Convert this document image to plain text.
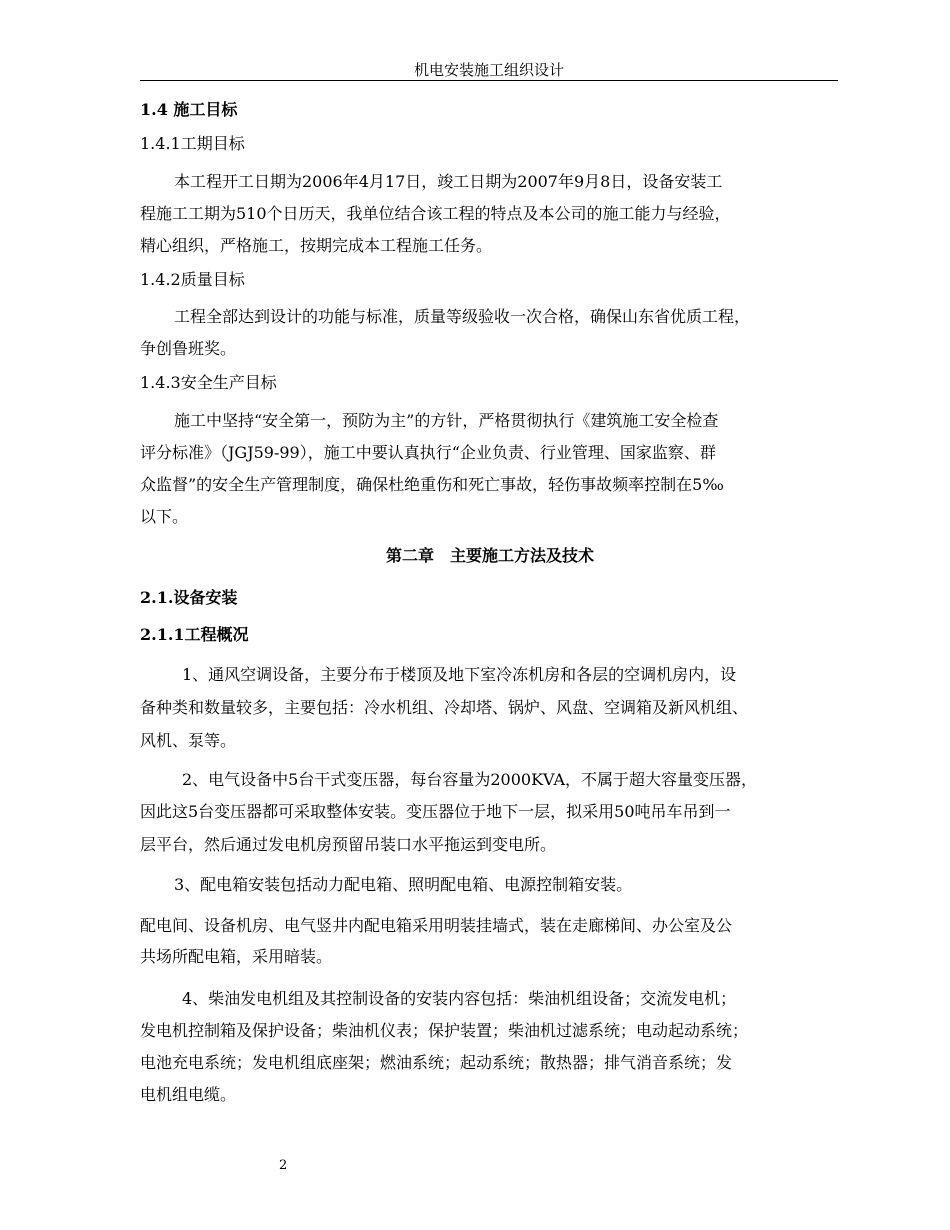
机电安装施工组织设计
1.4 施工目标
1.4.1工期目标
本工程开工日期为2006年4月17日，竣工日期为2007年9月8日，设备安装工
程施工工期为510个日历天，我单位结合该工程的特点及本公司的施工能力与经验，
精心组织，严格施工，按期完成本工程施工任务。
1.4.2质量目标
工程全部达到设计的功能与标准，质量等级验收一次合格，确保山东省优质工程，
争创鲁班奖。
1.4.3安全生产目标
施工中坚持“安全第一，预防为主”的方针，严格贯彻执行《建筑施工安全检查
评分标准》（JGJ59-99），施工中要认真执行“企业负责、行业管理、国家监察、群
众监督”的安全生产管理制度，确保杜绝重伤和死亡事故，轻伤事故频率控制在5‰
以下。
第二章　主要施工方法及技术
2.1.设备安装
2.1.1工程概况
1、通风空调设备，主要分布于楼顶及地下室冷冻机房和各层的空调机房内，设
备种类和数量较多，主要包括：冷水机组、冷却塔、锅炉、风盘、空调箱及新风机组、
风机、泵等。
2、电气设备中5台干式变压器，每台容量为2000KVA，不属于超大容量变压器，
因此这5台变压器都可采取整体安装。变压器位于地下一层，拟采用50吨吊车吊到一
层平台，然后通过发电机房预留吊装口水平拖运到变电所。
3、配电箱安装包括动力配电箱、照明配电箱、电源控制箱安装。
配电间、设备机房、电气竖井内配电箱采用明装挂墙式，装在走廊梯间、办公室及公
共场所配电箱，采用暗装。
4、柴油发电机组及其控制设备的安装内容包括：柴油机组设备；交流发电机；
发电机控制箱及保护设备；柴油机仪表；保护装置；柴油机过滤系统；电动起动系统；
电池充电系统；发电机组底座架；燃油系统；起动系统；散热器；排气消音系统；发
电机组电缆。
2
